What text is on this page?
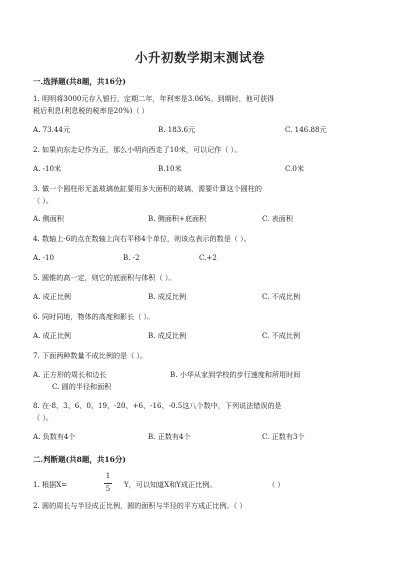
小升初数学期末测试卷
一.选择题(共8题，共16分)
1. 明明将3000元存入银行，定期二年，年利率是3.06%。到期时，他可获得
税后利息(利息税的税率是20%)（ ）
A. 73.44元	B. 183.6元	C. 146.88元
2. 如果向东走记作为正，那么小明向西走了10米，可以记作（ ）。
A. -10米	B.10米	C.0米
3. 做一个圆柱形无盖玻璃鱼缸要用多大面积的玻璃，需要计算这个圆柱的
（ ）。
A. 侧面积	B. 侧面积+底面积	C. 表面积
4. 数轴上-6的点在数轴上向右平移4个单位，则该点表示的数是（ ）。
A. -10	B. -2	C.+2
5. 圆锥的高一定，则它的底面积与体积（ ）。
A. 成正比例	B. 成反比例	C. 不成比例
6. 同时同地，物体的高度和影长（ ）。
A. 成正比例	B. 成反比例	C. 不成比例
7. 下面两种数量不成比例的是（ ）。
A. 正方形的周长和边长	B. 小华从家到学校的步行速度和所用时间
C. 圆的半径和面积
8. 在-8、3、6、0、19、-20、+6、-16、-0.5这八个数中，下列说法错误的是
（ ）。
A. 负数有4个	B. 正数有4个	C. 正数有3个
二.判断题(共8题，共16分)
1. 根据X=
1
5	Y，可以知道X和Y成正比例。	（ ）
2. 圆的周长与半径成正比例，圆的面积与半径的平方成正比例。（ ）
